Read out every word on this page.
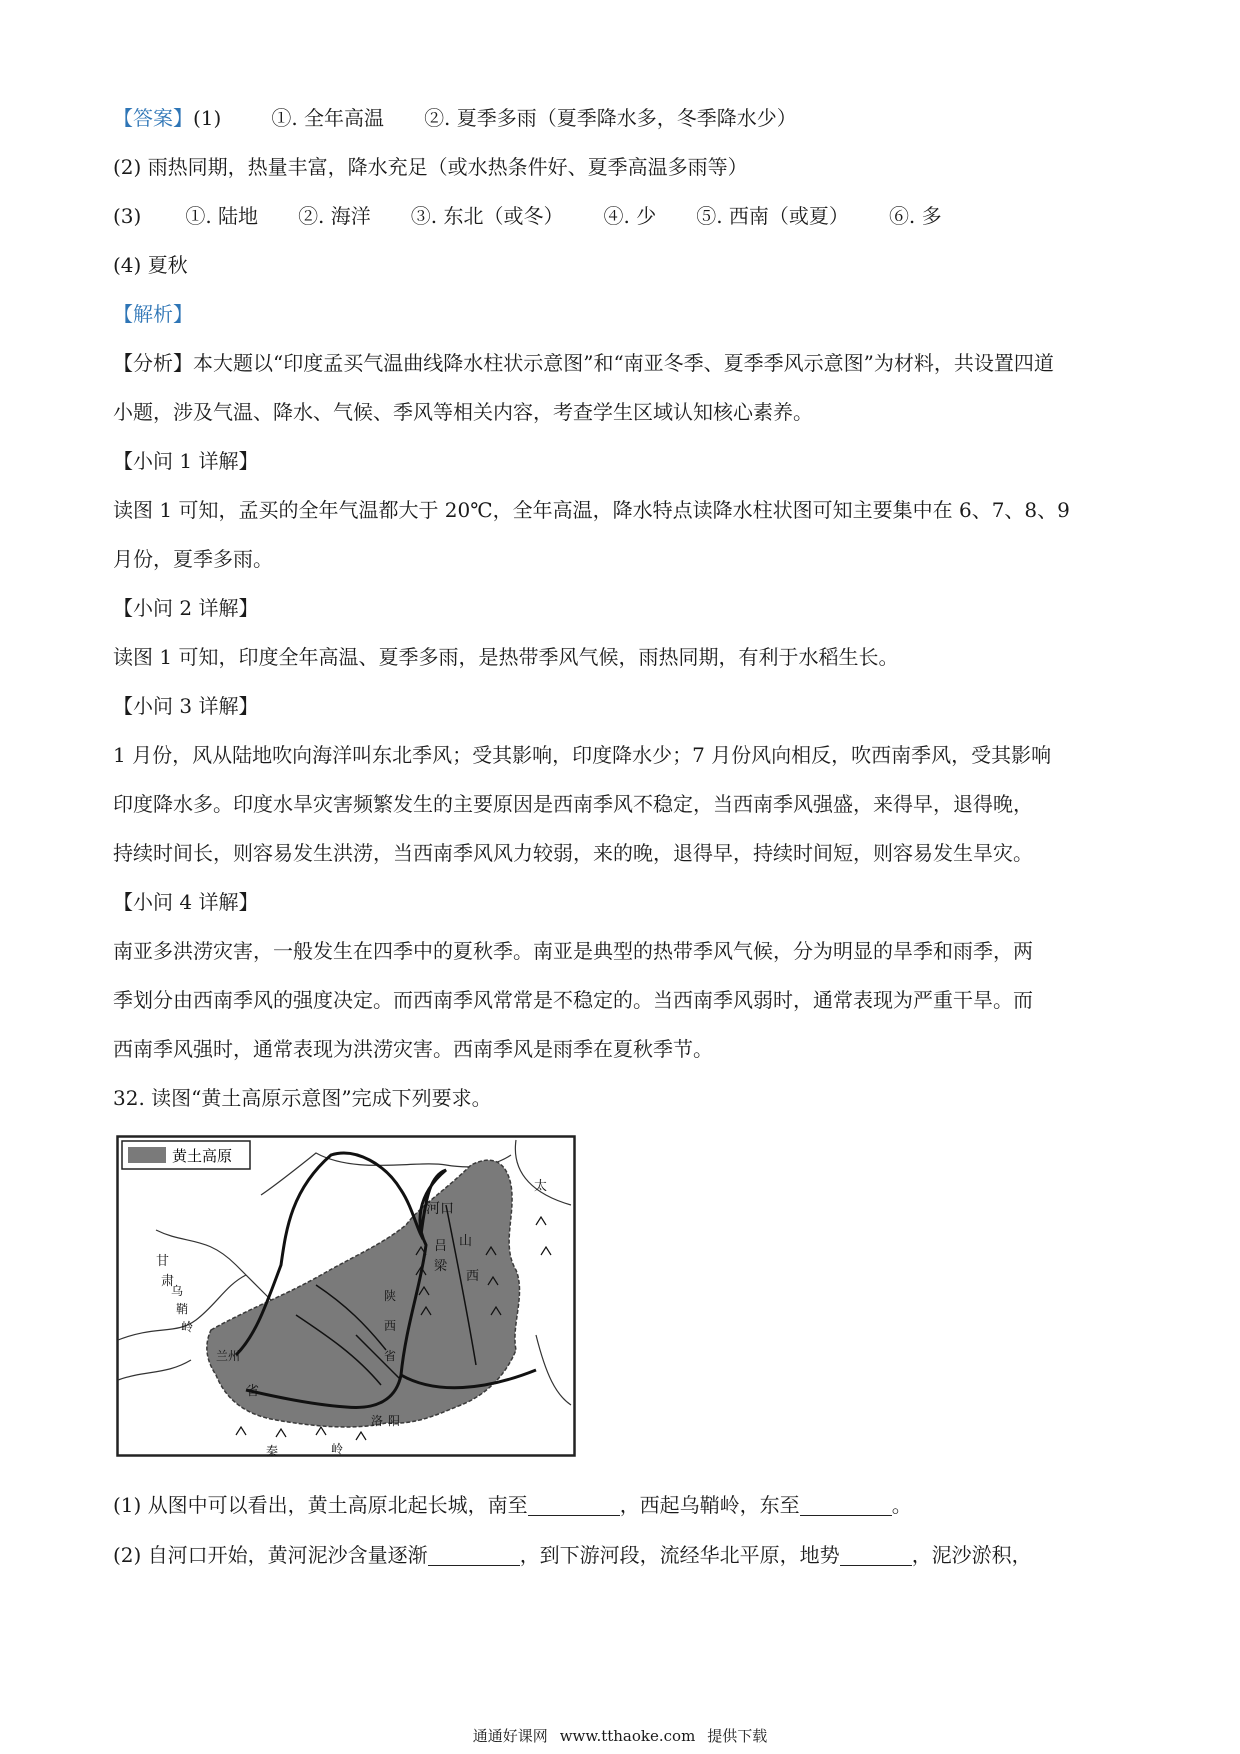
【答案】(1)	①. 全年高温 ②. 夏季多雨（夏季降水多，冬季降水少）
(2) 雨热同期，热量丰富，降水充足（或水热条件好、夏季高温多雨等）
(3) ①. 陆地 ②. 海洋 ③. 东北（或冬） ④. 少 ⑤. 西南（或夏） ⑥. 多
(4) 夏秋
【解析】
【分析】本大题以“印度孟买气温曲线降水柱状示意图”和“南亚冬季、夏季季风示意图”为材料，共设置四道
小题，涉及气温、降水、气候、季风等相关内容，考查学生区域认知核心素养。
【小问 1 详解】
读图 1 可知，孟买的全年气温都大于 20℃，全年高温，降水特点读降水柱状图可知主要集中在 6、7、8、9
月份，夏季多雨。
【小问 2 详解】
读图 1 可知，印度全年高温、夏季多雨，是热带季风气候，雨热同期，有利于水稻生长。
【小问 3 详解】
1 月份，风从陆地吹向海洋叫东北季风；受其影响，印度降水少；7 月份风向相反，吹西南季风，受其影响
印度降水多。印度水旱灾害频繁发生的主要原因是西南季风不稳定，当西南季风强盛，来得早，退得晚，
持续时间长，则容易发生洪涝，当西南季风风力较弱，来的晚，退得早，持续时间短，则容易发生旱灾。
【小问 4 详解】
南亚多洪涝灾害，一般发生在四季中的夏秋季。南亚是典型的热带季风气候，分为明显的旱季和雨季，两
季划分由西南季风的强度决定。而西南季风常常是不稳定的。当西南季风弱时，通常表现为严重干旱。而
西南季风强时，通常表现为洪涝灾害。西南季风是雨季在夏秋季节。
32. 读图“黄土高原示意图”完成下列要求。
黄土高原
河口
太
吕
梁
山
西
陕
西
省
甘
肃
兰州
省
秦	岭
洛 阳
乌
鞘
岭
(1) 从图中可以看出，黄土高原北起长城，南至	，西起乌鞘岭，东至	。
(2) 自河口开始，黄河泥沙含量逐渐	，到下游河段，流经华北平原，地势	，泥沙淤积，
通通好课网 www.tthaoke.com 提供下载
